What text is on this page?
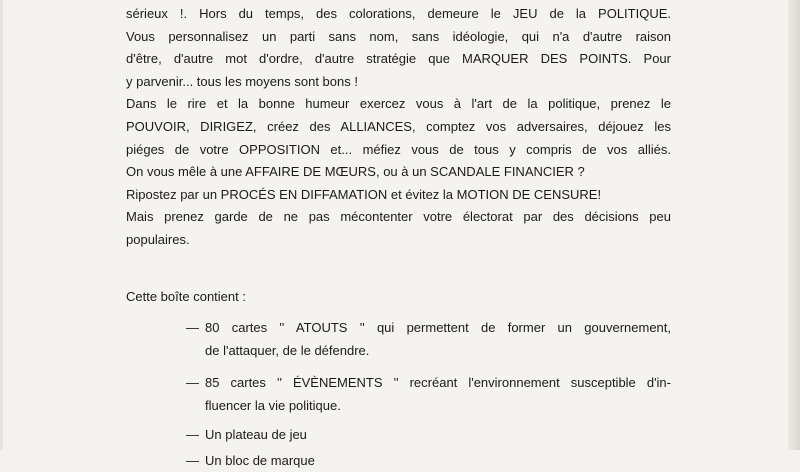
sérieux !. Hors du temps, des colorations, demeure le JEU de la POLITIQUE.

Vous personnalisez un parti sans nom, sans idéologie, qui n'a d'autre raison

d'être, d'autre mot d'ordre, d'autre stratégie que MARQUER DES POINTS. Pour

y parvenir... tous les moyens sont bons !

Dans le rire et la bonne humeur exercez vous à l'art de la politique, prenez le

POUVOIR, DIRIGEZ, créez des ALLIANCES, comptez vos adversaires, déjouez les

piéges de votre OPPOSITION et... méfiez vous de tous y compris de vos alliés.

On vous mêle à une AFFAIRE DE MŒURS, ou à un SCANDALE FINANCIER ?

Ripostez par un PROCÉS EN DIFFAMATION et évitez la MOTION DE CENSURE!

Mais prenez garde de ne pas mécontenter votre électorat par des décisions peu

populaires.

Cette boîte contient :

— 80 cartes '' ATOUTS '' qui permettent de former un gouvernement,

de l'attaquer, de le défendre.

— 85 cartes '' ÉVÈNEMENTS '' recréant l'environnement susceptible d'in-

fluencer la vie politique.

— Un plateau de jeu

— Un bloc de marque
